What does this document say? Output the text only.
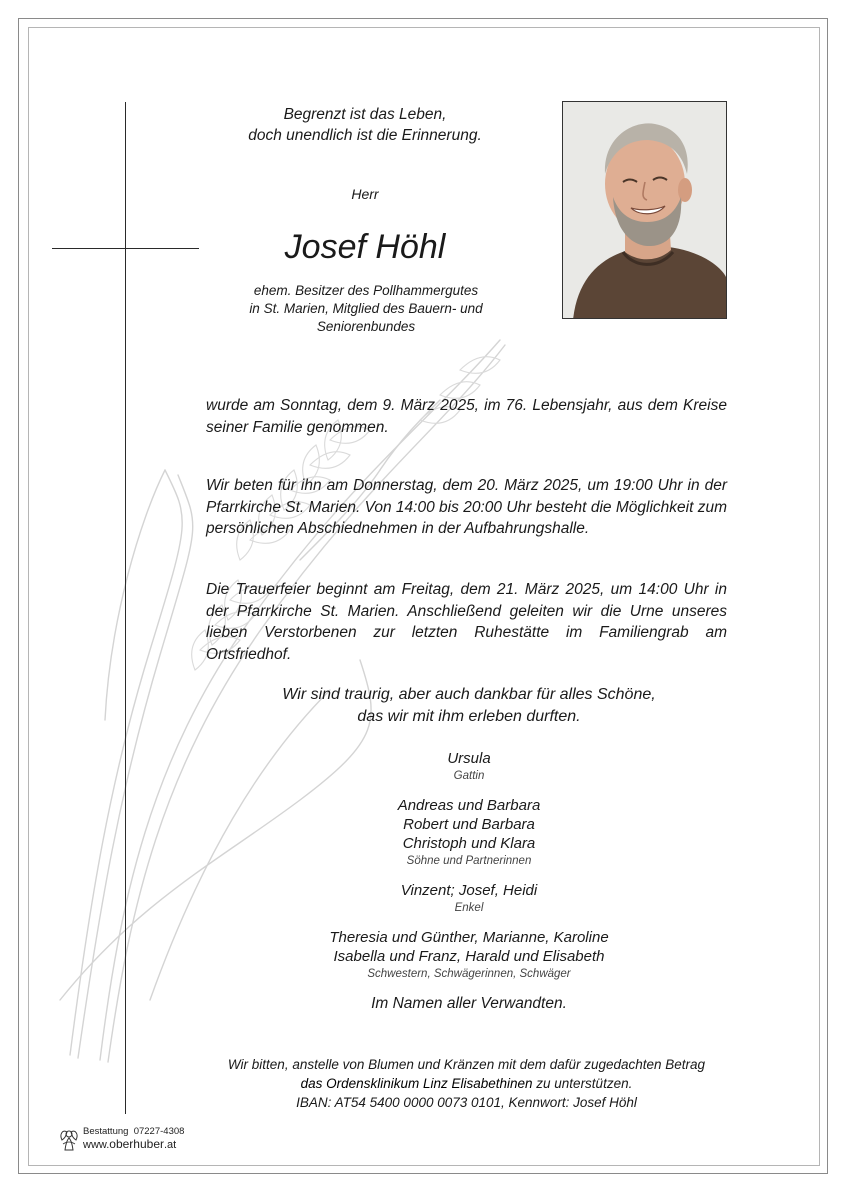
Begrenzt ist das Leben,
doch unendlich ist die Erinnerung.
Herr
Josef Höhl
ehem. Besitzer des Pollhammergutes
in St. Marien, Mitglied des Bauern- und
Seniorenbundes
wurde am Sonntag, dem 9. März 2025, im 76. Lebensjahr, aus dem Kreise seiner Familie genommen.
Wir beten für ihn am Donnerstag, dem 20. März 2025, um 19:00 Uhr in der Pfarrkirche St. Marien. Von 14:00 bis 20:00 Uhr besteht die Möglichkeit zum persönlichen Abschiednehmen in der Aufbahrungshalle.
Die Trauerfeier beginnt am Freitag, dem 21. März 2025, um 14:00 Uhr in der Pfarrkirche St. Marien. Anschließend geleiten wir die Urne unseres lieben Verstorbenen zur letzten Ruhestätte im Familiengrab am Ortsfriedhof.
Wir sind traurig, aber auch dankbar für alles Schöne,
das wir mit ihm erleben durften.
Ursula
Gattin
Andreas und Barbara
Robert und Barbara
Christoph und Klara
Söhne und Partnerinnen
Vinzent; Josef, Heidi
Enkel
Theresia und Günther, Marianne, Karoline
Isabella und Franz, Harald und Elisabeth
Schwestern, Schwägerinnen, Schwäger
Im Namen aller Verwandten.
Wir bitten, anstelle von Blumen und Kränzen mit dem dafür zugedachten Betrag
das Ordensklinikum Linz Elisabethinen zu unterstützen.
IBAN: AT54 5400 0000 0073 0101, Kennwort: Josef Höhl
Bestattung 07227-4308
www.oberhuber.at
